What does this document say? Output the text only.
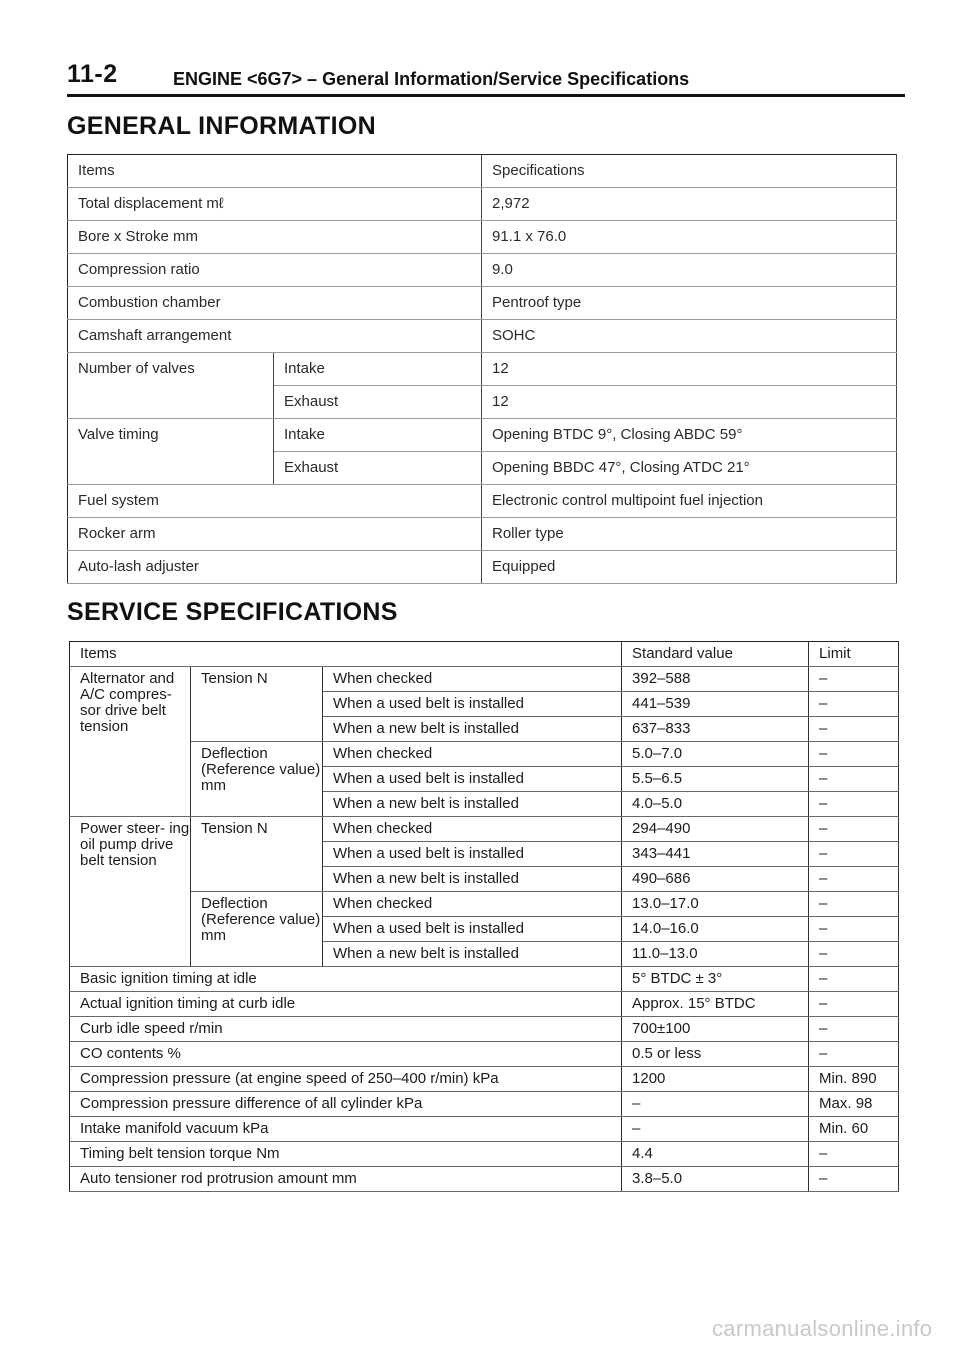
11-2	ENGINE <6G7> – General Information/Service Specifications
GENERAL INFORMATION
Items		Specifications
Total displacement mℓ		2,972
Bore x Stroke mm		91.1 x 76.0
Compression ratio		9.0
Combustion chamber		Pentroof type
Camshaft arrangement		SOHC
Number of valves	Intake	12
	Exhaust	12
Valve timing	Intake	Opening BTDC 9°, Closing ABDC 59°
	Exhaust	Opening BBDC 47°, Closing ATDC 21°
Fuel system		Electronic control multipoint fuel injection
Rocker arm		Roller type
Auto-lash adjuster		Equipped
SERVICE SPECIFICATIONS
Items			Standard value	Limit
Alternator and A/C compres- sor drive belt tension	Tension N	When checked	392–588	–
		When a used belt is installed	441–539	–
		When a new belt is installed	637–833	–
	Deflection (Reference value) mm	When checked	5.0–7.0	–
		When a used belt is installed	5.5–6.5	–
		When a new belt is installed	4.0–5.0	–
Power steer- ing oil pump drive belt tension	Tension N	When checked	294–490	–
		When a used belt is installed	343–441	–
		When a new belt is installed	490–686	–
	Deflection (Reference value) mm	When checked	13.0–17.0	–
		When a used belt is installed	14.0–16.0	–
		When a new belt is installed	11.0–13.0	–
Basic ignition timing at idle			5° BTDC ± 3°	–
Actual ignition timing at curb idle			Approx. 15° BTDC	–
Curb idle speed r/min			700±100	–
CO contents %			0.5 or less	–
Compression pressure (at engine speed of 250–400 r/min) kPa			1200	Min. 890
Compression pressure difference of all cylinder kPa			–	Max. 98
Intake manifold vacuum kPa			–	Min. 60
Timing belt tension torque Nm			4.4	–
Auto tensioner rod protrusion amount mm			3.8–5.0	–
carmanualsonline.info
